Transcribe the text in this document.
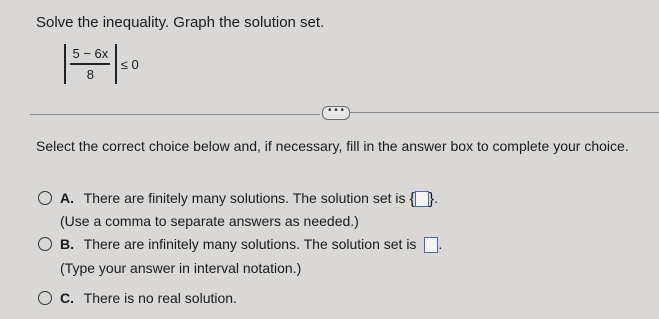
Solve the inequality. Graph the solution set.
$\frac{5 - 6x}{8} \le 0$
• • •
Select the correct choice below and, if necessary, fill in the answer box to complete your choice.
A. There are finitely many solutions. The solution set is { }.
(Use a comma to separate answers as needed.)
B. There are infinitely many solutions. The solution set is .
(Type your answer in interval notation.)
C. There is no real solution.
